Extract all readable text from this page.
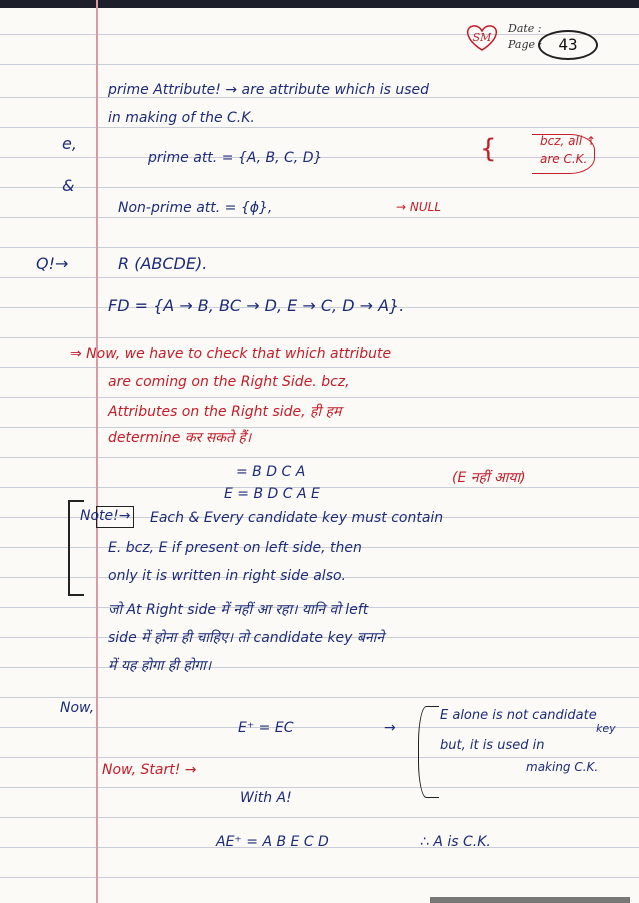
SM
Date :
Page :	43
prime Attribute! → are attribute which is used
in making of the C.K.
e,
prime att. = {A, B, C, D}	{	bcz, all ↑
are C.K.
&
Non-prime att. = {ϕ},	→ NULL
Q!→	R (ABCDE).
FD = {A → B, BC → D, E → C, D → A}.
⇒ Now, we have to check that which attribute
are coming on the Right Side. bcz,
Attributes on the Right side, ही हम
determine कर सकते हैं।
= B D C A
E = B D C A E
(E नहीं आया)
Note!→ Each & Every candidate key must contain
E. bcz, E if present on left side, then
only it is written in right side also.
जो At Right side में नहीं आ रहा। यानि वो left
side में होना ही चाहिए। तो candidate key बनाने
में यह होगा ही होगा।
Now,
E⁺ = EC	→
E alone is not candidate
key
but, it is used in
making C.K.
Now, Start! →
With A!
AE⁺ = A B E C D	∴ A is C.K.
